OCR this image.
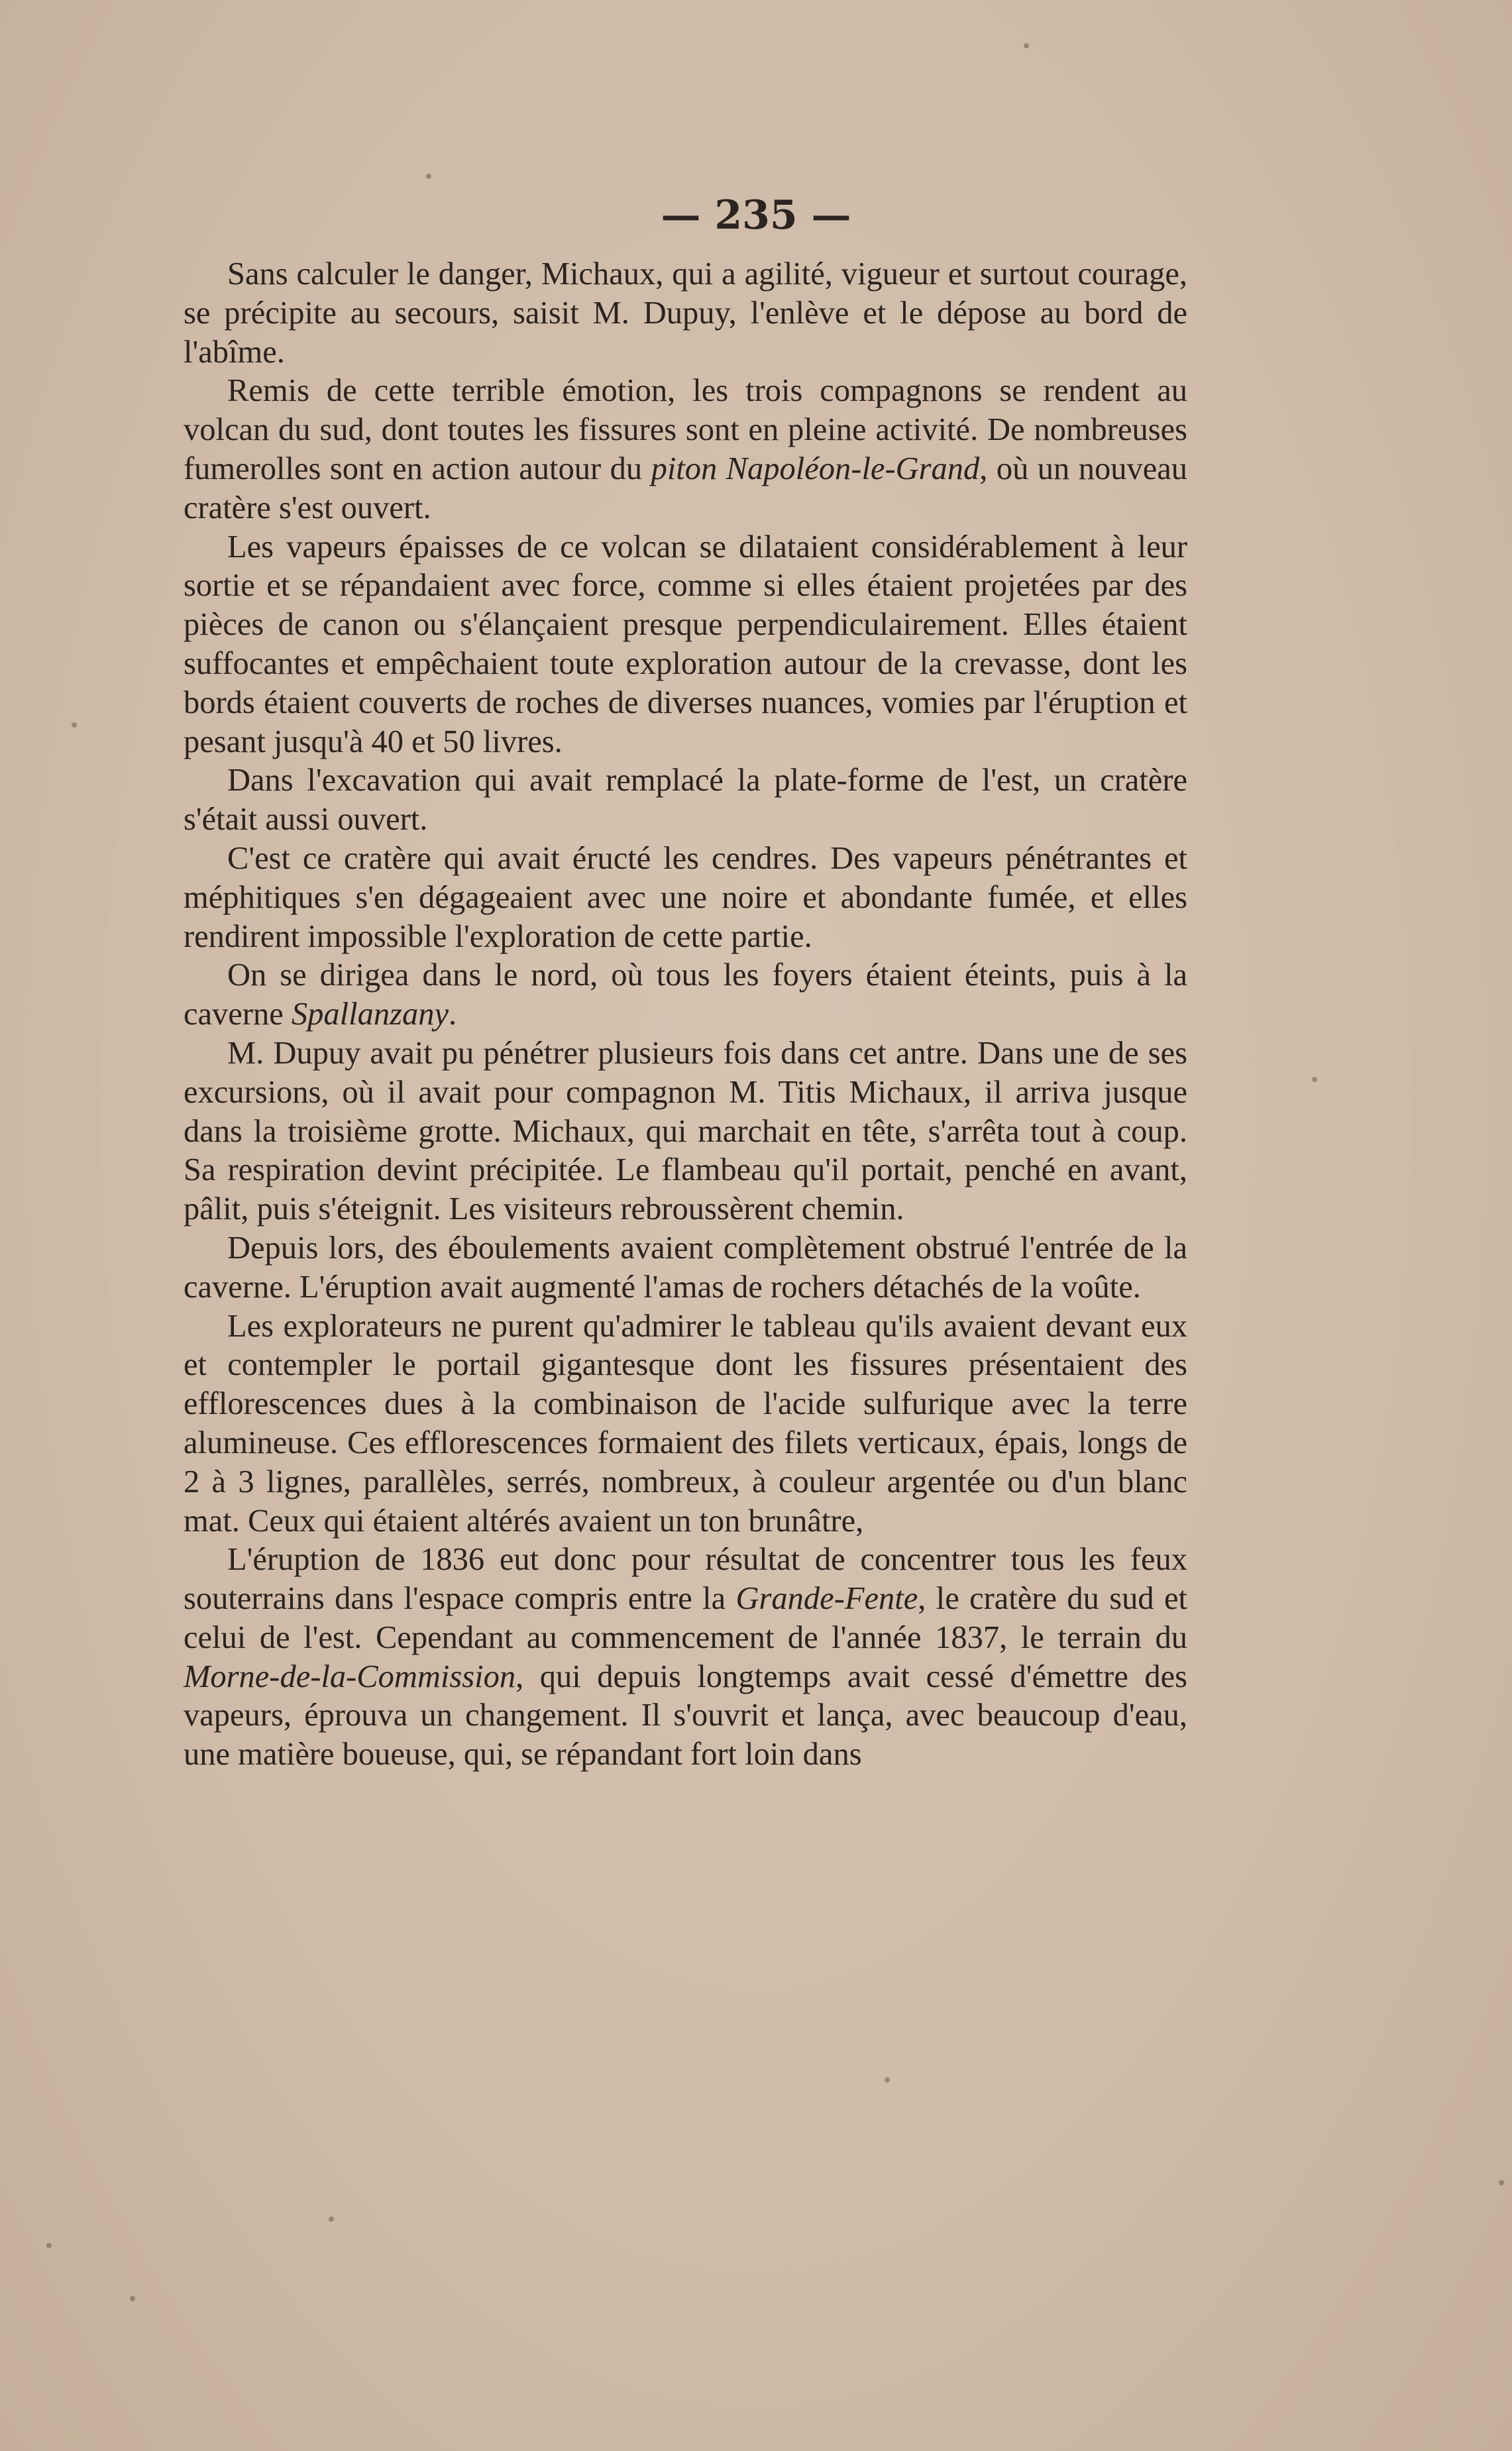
— 235 —

Sans calculer le danger, Michaux, qui a agilité, vigueur et surtout courage, se précipite au secours, saisit M. Dupuy, l'enlève et le dépose au bord de l'abîme.

Remis de cette terrible émotion, les trois compagnons se rendent au volcan du sud, dont toutes les fissures sont en pleine activité. De nombreuses fumerolles sont en action autour du piton Napoléon-le-Grand, où un nouveau cratère s'est ouvert.

Les vapeurs épaisses de ce volcan se dilataient considérablement à leur sortie et se répandaient avec force, comme si elles étaient projetées par des pièces de canon ou s'élançaient presque perpendiculairement. Elles étaient suffocantes et empêchaient toute exploration autour de la crevasse, dont les bords étaient couverts de roches de diverses nuances, vomies par l'éruption et pesant jusqu'à 40 et 50 livres.

Dans l'excavation qui avait remplacé la plate-forme de l'est, un cratère s'était aussi ouvert.

C'est ce cratère qui avait éructé les cendres. Des vapeurs pénétrantes et méphitiques s'en dégageaient avec une noire et abondante fumée, et elles rendirent impossible l'exploration de cette partie.

On se dirigea dans le nord, où tous les foyers étaient éteints, puis à la caverne Spallanzany.

M. Dupuy avait pu pénétrer plusieurs fois dans cet antre. Dans une de ses excursions, où il avait pour compagnon M. Titis Michaux, il arriva jusque dans la troisième grotte. Michaux, qui marchait en tête, s'arrêta tout à coup. Sa respiration devint précipitée. Le flambeau qu'il portait, penché en avant, pâlit, puis s'éteignit. Les visiteurs rebroussèrent chemin.

Depuis lors, des éboulements avaient complètement obstrué l'entrée de la caverne. L'éruption avait augmenté l'amas de rochers détachés de la voûte.

Les explorateurs ne purent qu'admirer le tableau qu'ils avaient devant eux et contempler le portail gigantesque dont les fissures présentaient des efflorescences dues à la combinaison de l'acide sulfurique avec la terre alumineuse. Ces efflorescences formaient des filets verticaux, épais, longs de 2 à 3 lignes, parallèles, serrés, nombreux, à couleur argentée ou d'un blanc mat. Ceux qui étaient altérés avaient un ton brunâtre,

L'éruption de 1836 eut donc pour résultat de concentrer tous les feux souterrains dans l'espace compris entre la Grande-Fente, le cratère du sud et celui de l'est. Cependant au commencement de l'année 1837, le terrain du Morne-de-la-Commission, qui depuis longtemps avait cessé d'émettre des vapeurs, éprouva un changement. Il s'ouvrit et lança, avec beaucoup d'eau, une matière boueuse, qui, se répandant fort loin dans
